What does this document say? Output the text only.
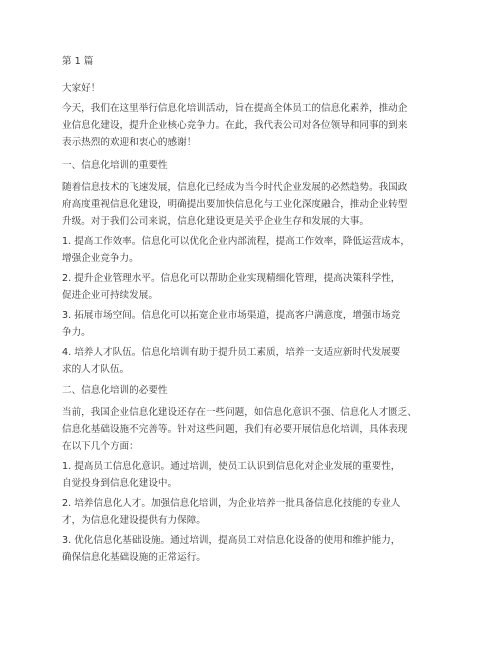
第 1 篇
大家好！
今天，我们在这里举行信息化培训活动，旨在提高全体员工的信息化素养，推动企
业信息化建设，提升企业核心竞争力。在此，我代表公司对各位领导和同事的到来
表示热烈的欢迎和衷心的感谢！
一、信息化培训的重要性
随着信息技术的飞速发展，信息化已经成为当今时代企业发展的必然趋势。我国政
府高度重视信息化建设，明确提出要加快信息化与工业化深度融合，推动企业转型
升级。对于我们公司来说，信息化建设更是关乎企业生存和发展的大事。
1. 提高工作效率。信息化可以优化企业内部流程，提高工作效率，降低运营成本，
增强企业竞争力。
2. 提升企业管理水平。信息化可以帮助企业实现精细化管理，提高决策科学性，
促进企业可持续发展。
3. 拓展市场空间。信息化可以拓宽企业市场渠道，提高客户满意度，增强市场竞
争力。
4. 培养人才队伍。信息化培训有助于提升员工素质，培养一支适应新时代发展要
求的人才队伍。
二、信息化培训的必要性
当前，我国企业信息化建设还存在一些问题，如信息化意识不强、信息化人才匮乏、
信息化基础设施不完善等。针对这些问题，我们有必要开展信息化培训，具体表现
在以下几个方面：
1. 提高员工信息化意识。通过培训，使员工认识到信息化对企业发展的重要性，
自觉投身到信息化建设中。
2. 培养信息化人才。加强信息化培训，为企业培养一批具备信息化技能的专业人
才，为信息化建设提供有力保障。
3. 优化信息化基础设施。通过培训，提高员工对信息化设备的使用和维护能力，
确保信息化基础设施的正常运行。
